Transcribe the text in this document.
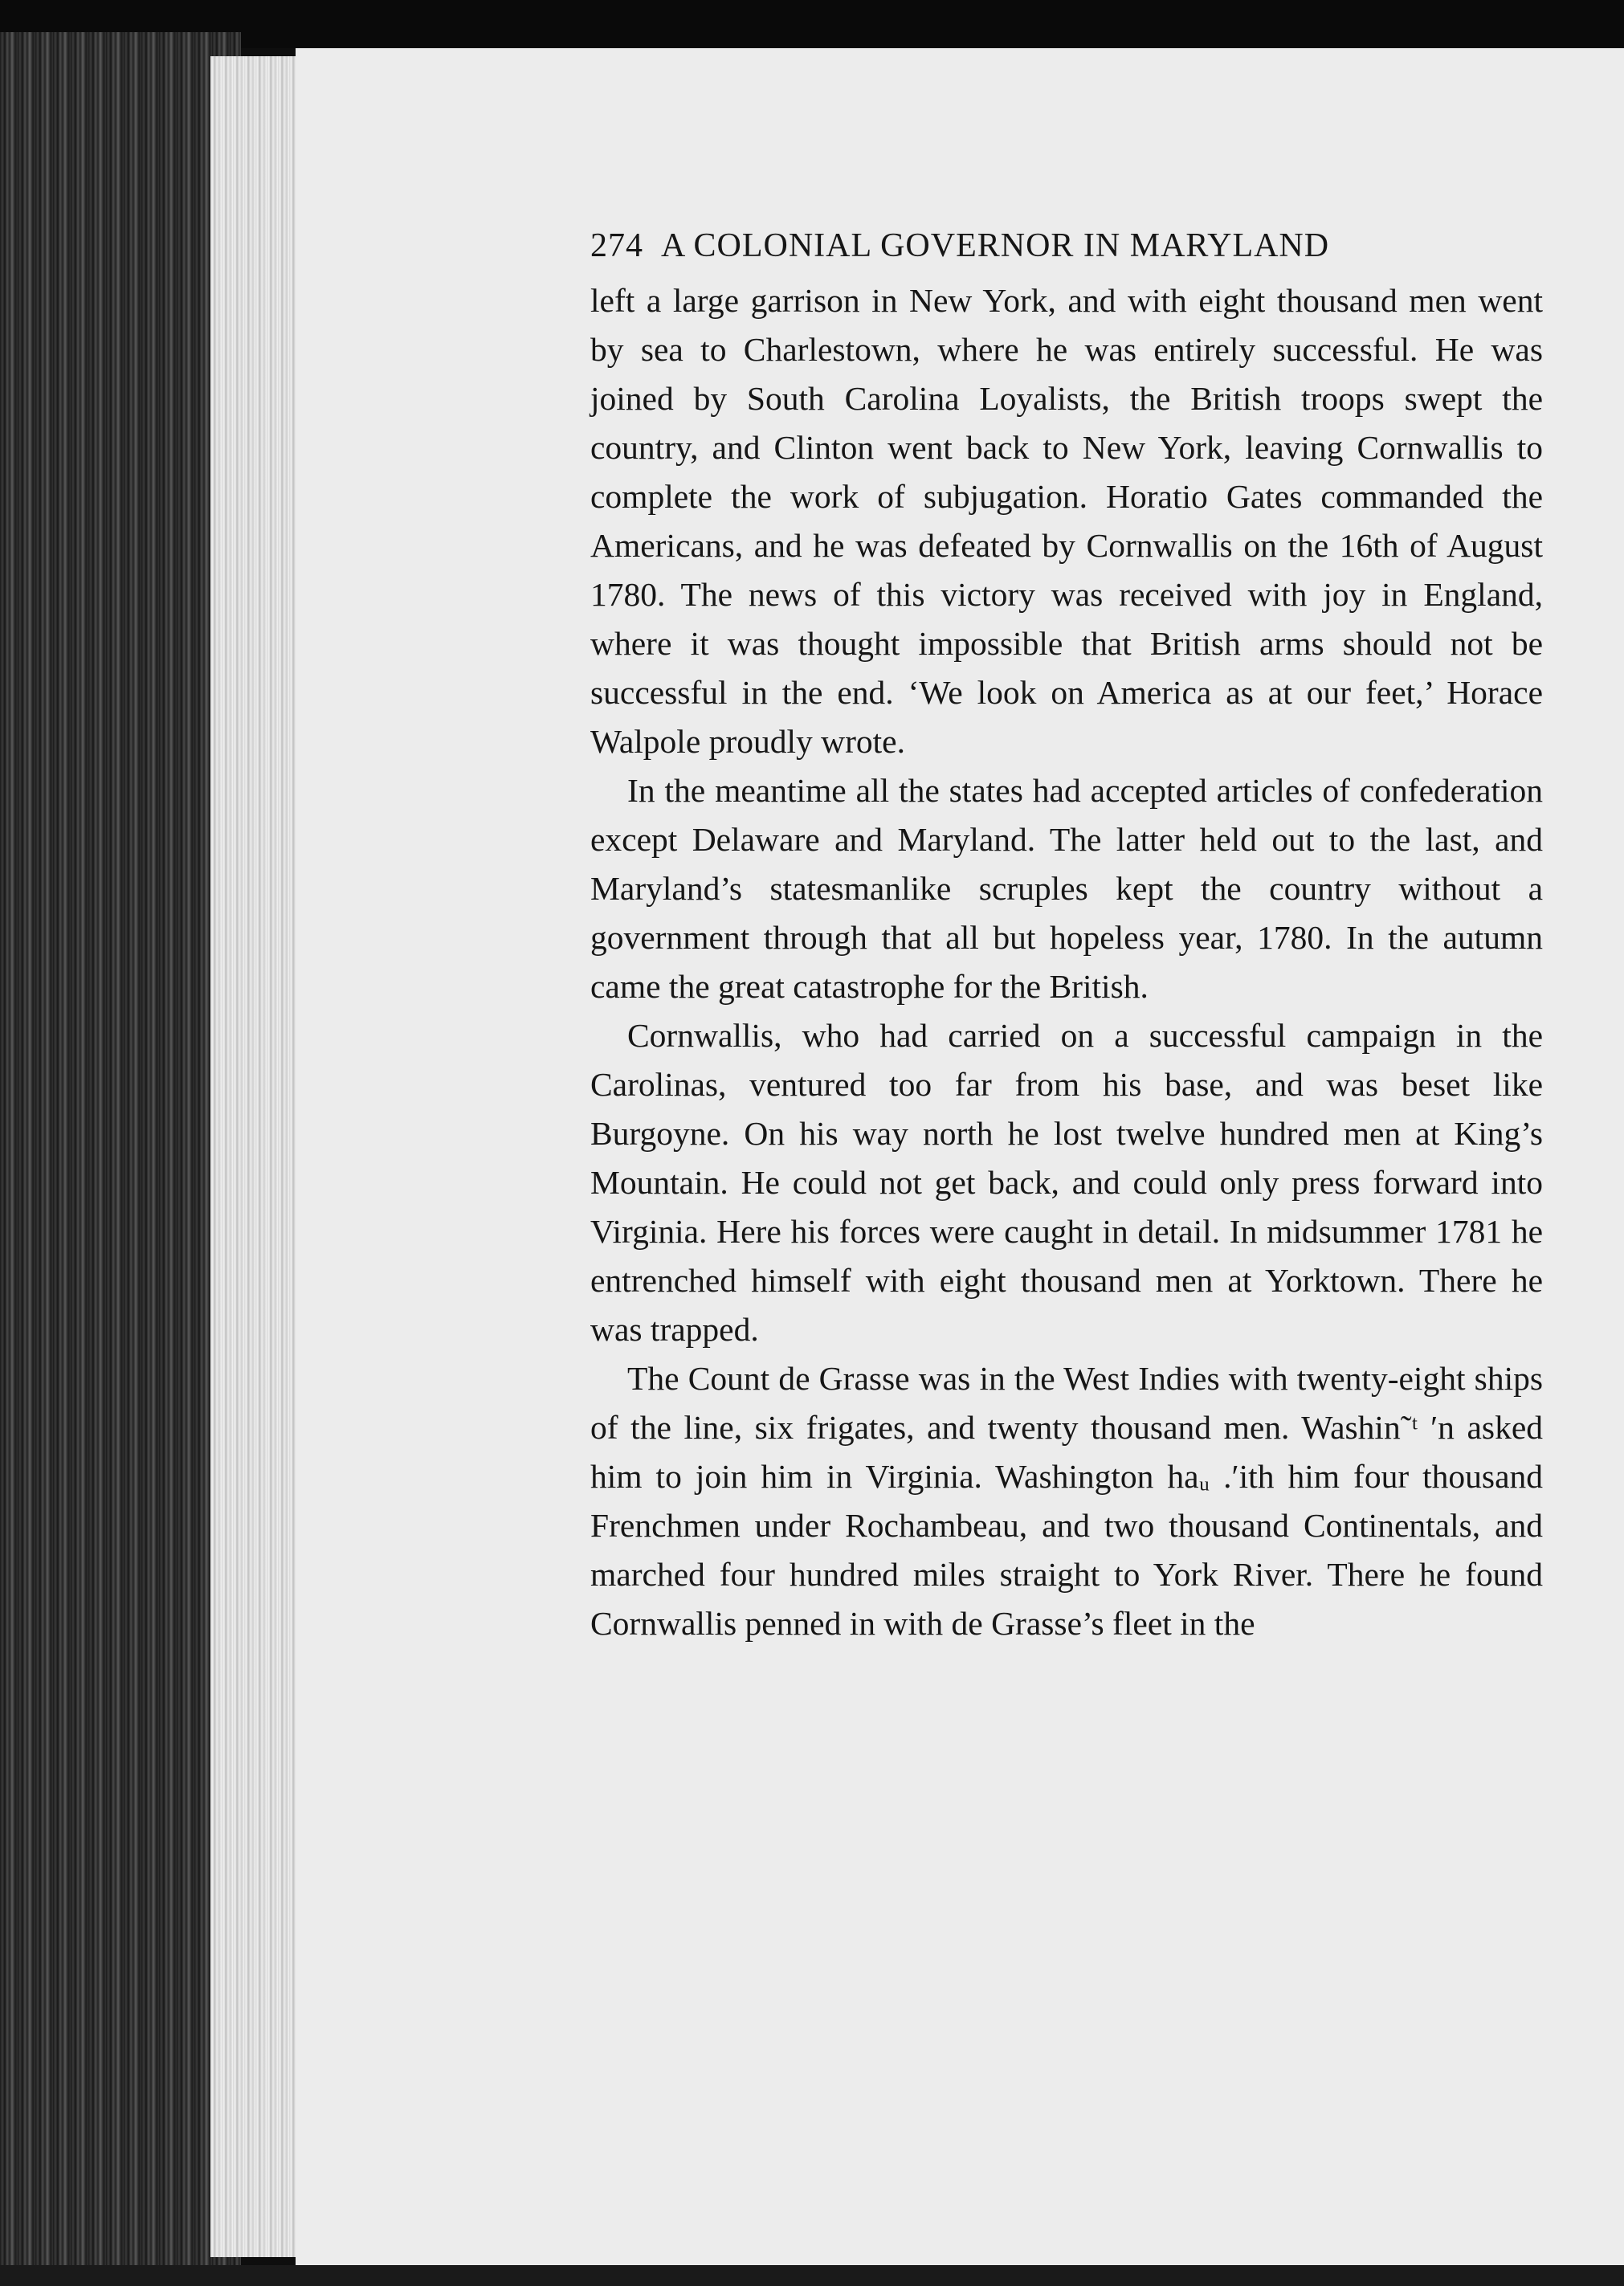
274 A COLONIAL GOVERNOR IN MARYLAND

left a large garrison in New York, and with eight thousand men went by sea to Charlestown, where he was entirely successful. He was joined by South Carolina Loyalists, the British troops swept the country, and Clinton went back to New York, leaving Cornwallis to complete the work of subjugation. Horatio Gates commanded the Americans, and he was defeated by Cornwallis on the 16th of August 1780. The news of this victory was received with joy in England, where it was thought impossible that British arms should not be successful in the end. ‘We look on America as at our feet,’ Horace Walpole proudly wrote.

In the meantime all the states had accepted articles of confederation except Delaware and Maryland. The latter held out to the last, and Maryland’s statesmanlike scruples kept the country without a government through that all but hopeless year, 1780. In the autumn came the great catastrophe for the British.

Cornwallis, who had carried on a successful campaign in the Carolinas, ventured too far from his base, and was beset like Burgoyne. On his way north he lost twelve hundred men at King’s Mountain. He could not get back, and could only press forward into Virginia. Here his forces were caught in detail. In midsummer 1781 he entrenched himself with eight thousand men at Yorktown. There he was trapped.

The Count de Grasse was in the West Indies with twenty-eight ships of the line, six frigates, and twenty thousand men. Washin˜ᵗ ′n asked him to join him in Virginia. Washington haᵤ .′ith him four thousand Frenchmen under Rochambeau, and two thousand Continentals, and marched four hundred miles straight to York River. There he found Cornwallis penned in with de Grasse’s fleet in the
